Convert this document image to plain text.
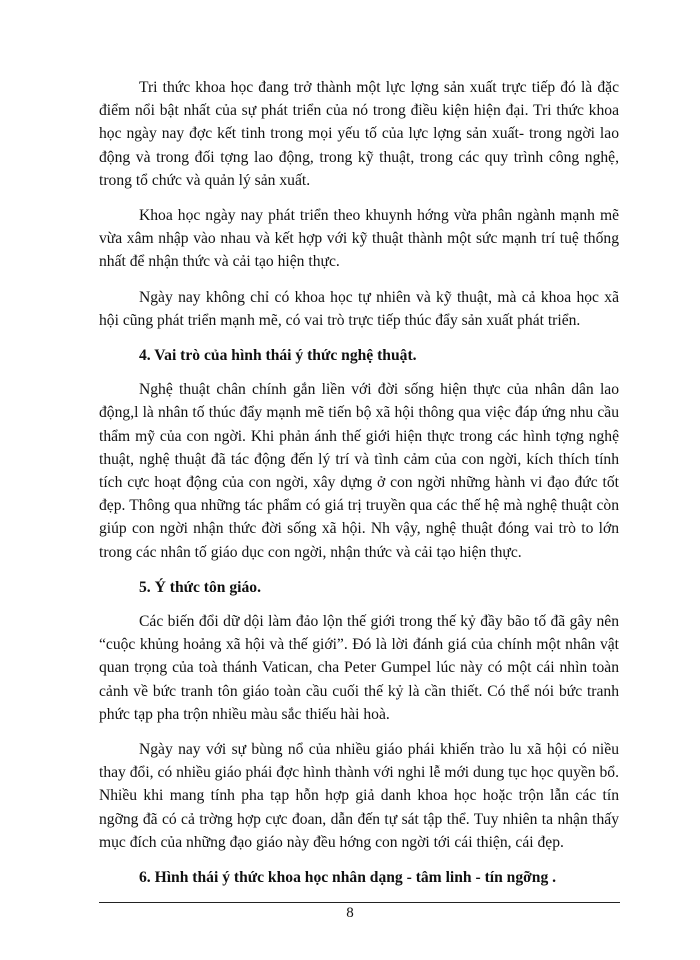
Tri thức khoa học đang trở thành một lực lợng sản xuất trực tiếp đó là đặc điểm nổi bật nhất của sự phát triển của nó trong điều kiện hiện đại. Tri thức khoa học ngày nay đợc kết tinh trong mọi yếu tố của lực lợng sản xuất- trong ngời lao động và trong đối tợng lao động, trong kỹ thuật, trong các quy trình công nghệ, trong tổ chức và quản lý sản xuất.

Khoa học ngày nay phát triển theo khuynh hớng vừa phân ngành mạnh mẽ vừa xâm nhập vào nhau và kết hợp với kỹ thuật thành một sức mạnh trí tuệ thống nhất để nhận thức và cải tạo hiện thực.

Ngày nay không chỉ có khoa học tự nhiên và kỹ thuật, mà cả khoa học xã hội cũng phát triển mạnh mẽ, có vai trò trực tiếp thúc đẩy sản xuất phát triển.

4. Vai trò của hình thái ý thức nghệ thuật.

Nghệ thuật chân chính gắn liền với đời sống hiện thực của nhân dân lao động,l là nhân tố thúc đẩy mạnh mẽ tiến bộ xã hội thông qua việc đáp ứng nhu cầu thẩm mỹ của con ngời. Khi phản ánh thế giới hiện thực trong các hình tợng nghệ thuật, nghệ thuật đã tác động đến lý trí và tình cảm của con ngời, kích thích tính tích cực hoạt động của con ngời, xây dựng ở con ngời những hành vi đạo đức tốt đẹp. Thông qua những tác phẩm có giá trị truyền qua các thế hệ mà nghệ thuật còn giúp con ngời nhận thức đời sống xã hội. Nh vậy, nghệ thuật đóng vai trò to lớn trong các nhân tố giáo dục con ngời, nhận thức và cải tạo hiện thực.

5. Ý thức tôn giáo.

Các biến đổi dữ dội làm đảo lộn thế giới trong thế kỷ đầy bão tố đã gây nên “cuộc khủng hoảng xã hội và thế giới”. Đó là lời đánh giá của chính một nhân vật quan trọng của toà thánh Vatican, cha Peter Gumpel lúc này có một cái nhìn toàn cảnh về bức tranh tôn giáo toàn cầu cuối thế kỷ là cần thiết. Có thể nói bức tranh phức tạp pha trộn nhiều màu sắc thiếu hài hoà.

Ngày nay với sự bùng nổ của nhiều giáo phái khiến trào lu xã hội có niều thay đổi, có nhiều giáo phái đợc hình thành với nghi lễ mới dung tục học quyền bổ. Nhiều khi mang tính pha tạp hỗn hợp giả danh khoa học hoặc trộn lẫn các tín ngỡng đã có cả trờng hợp cực đoan, dẫn đến tự sát tập thể. Tuy nhiên ta nhận thấy mục đích của những đạo giáo này đều hớng con ngời tới cái thiện, cái đẹp.

6. Hình thái ý thức khoa học nhân dạng - tâm linh - tín ngỡng .
8
